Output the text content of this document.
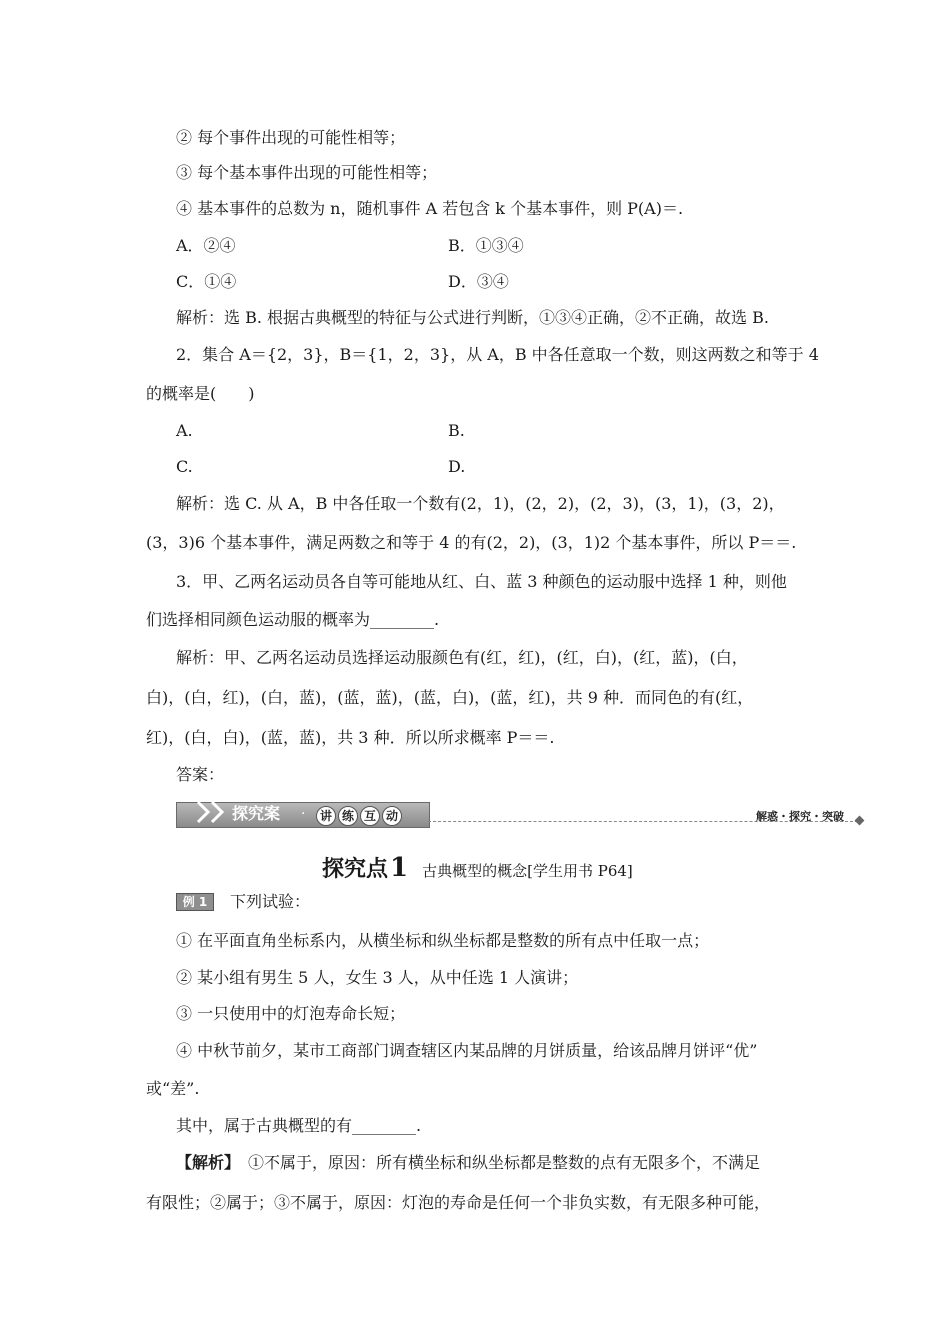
② 每个事件出现的可能性相等；
③ 每个基本事件出现的可能性相等；
④ 基本事件的总数为 n，随机事件 A 若包含 k 个基本事件，则 P(A)＝.
A．②④	B．①③④
C．①④	D．③④
解析：选 B. 根据古典概型的特征与公式进行判断，①③④正确，②不正确，故选 B.
2．集合 A＝{2，3}，B＝{1，2，3}，从 A，B 中各任意取一个数，则这两数之和等于 4
的概率是(　　)
A.	B.
C.	D.
解析：选 C. 从 A，B 中各任取一个数有(2，1)，(2，2)，(2，3)，(3，1)，(3，2)，
(3，3)6 个基本事件，满足两数之和等于 4 的有(2，2)，(3，1)2 个基本事件，所以 P＝＝.
3．甲、乙两名运动员各自等可能地从红、白、蓝 3 种颜色的运动服中选择 1 种，则他
们选择相同颜色运动服的概率为________.
解析：甲、乙两名运动员选择运动服颜色有(红，红)，(红，白)，(红，蓝)，(白，
白)，(白，红)，(白，蓝)，(蓝，蓝)，(蓝，白)，(蓝，红)，共 9 种．而同色的有(红，
红)，(白，白)，(蓝，蓝)，共 3 种．所以所求概率 P＝＝.
答案：
探究案 ·	讲 练 互 动	解惑・探究・突破
探究点1 古典概型的概念[学生用书 P64]
例 1	下列试验：
① 在平面直角坐标系内，从横坐标和纵坐标都是整数的所有点中任取一点；
② 某小组有男生 5 人，女生 3 人，从中任选 1 人演讲；
③ 一只使用中的灯泡寿命长短；
④ 中秋节前夕，某市工商部门调查辖区内某品牌的月饼质量，给该品牌月饼评“优”
或“差”.
其中，属于古典概型的有________.
【解析】　①不属于，原因：所有横坐标和纵坐标都是整数的点有无限多个，不满足
有限性；②属于；③不属于，原因：灯泡的寿命是任何一个非负实数，有无限多种可能，
